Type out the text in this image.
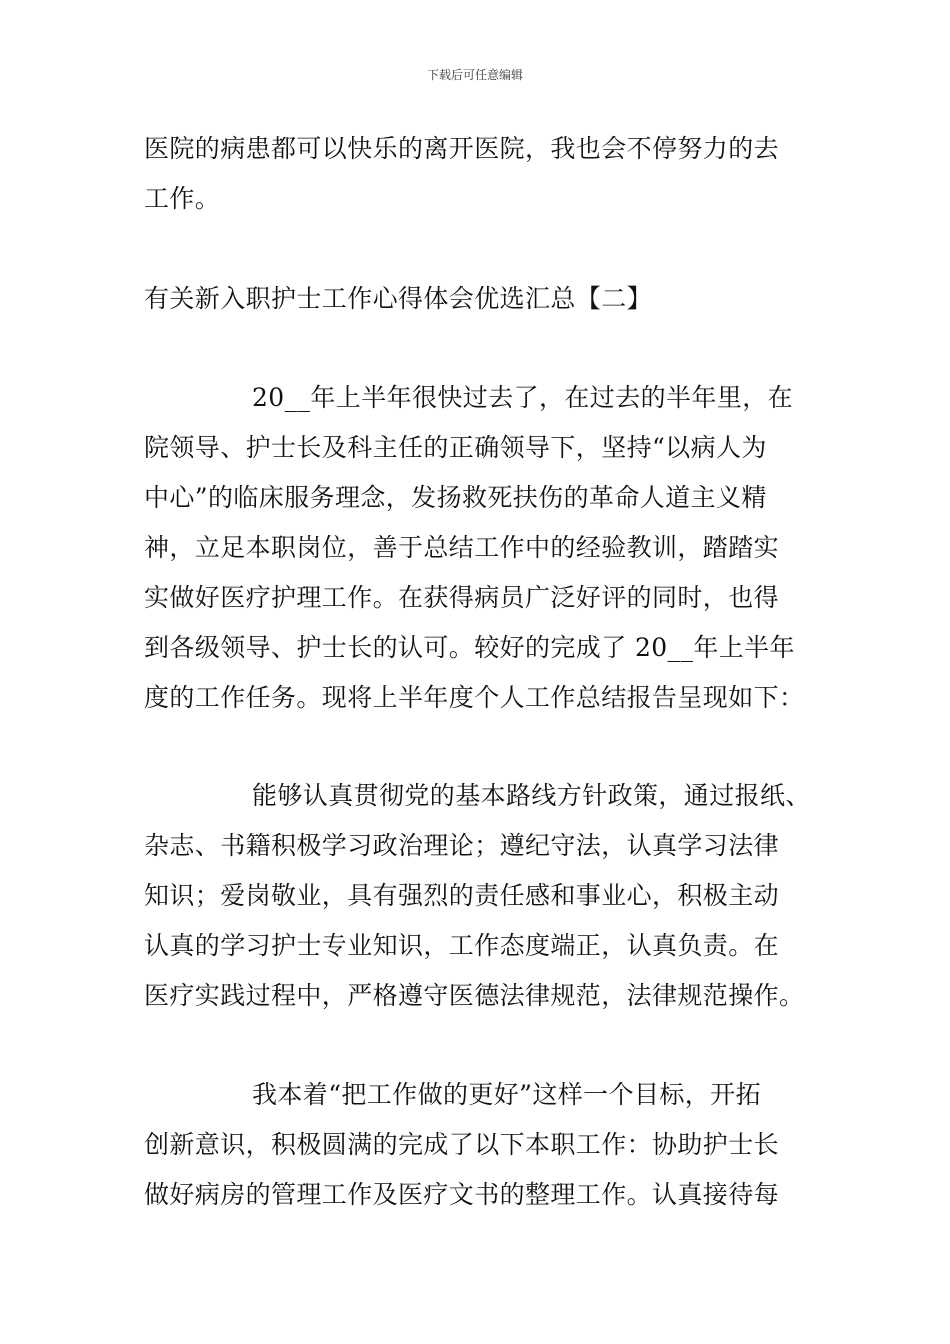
下载后可任意编辑
医院的病患都可以快乐的离开医院，我也会不停努力的去
工作。
有关新入职护士工作心得体会优选汇总【二】
20__年上半年很快过去了，在过去的半年里，在
院领导、护士长及科主任的正确领导下，坚持“以病人为
中心”的临床服务理念，发扬救死扶伤的革命人道主义精
神，立足本职岗位，善于总结工作中的经验教训，踏踏实
实做好医疗护理工作。在获得病员广泛好评的同时，也得
到各级领导、护士长的认可。较好的完成了 20__年上半年
度的工作任务。现将上半年度个人工作总结报告呈现如下：
能够认真贯彻党的基本路线方针政策，通过报纸、
杂志、书籍积极学习政治理论；遵纪守法，认真学习法律
知识；爱岗敬业，具有强烈的责任感和事业心，积极主动
认真的学习护士专业知识，工作态度端正，认真负责。在
医疗实践过程中，严格遵守医德法律规范，法律规范操作。
我本着“把工作做的更好”这样一个目标，开拓
创新意识，积极圆满的完成了以下本职工作：协助护士长
做好病房的管理工作及医疗文书的整理工作。认真接待每
